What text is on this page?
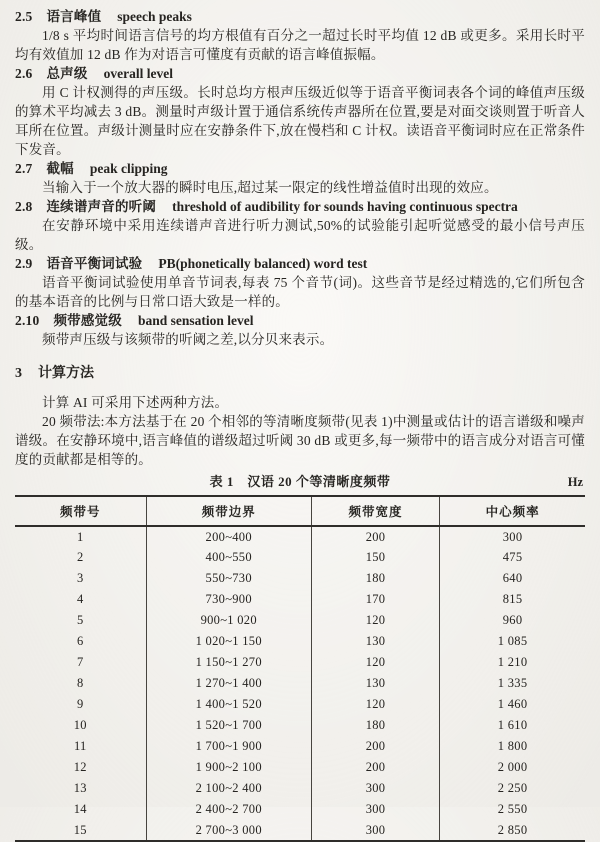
2.5 语言峰值 speech peaks

1/8 s 平均时间语言信号的均方根值有百分之一超过长时平均值 12 dB 或更多。采用长时平均有效值加 12 dB 作为对语言可懂度有贡献的语言峰值振幅。

2.6 总声级 overall level

用 C 计权测得的声压级。长时总均方根声压级近似等于语音平衡词表各个词的峰值声压级的算术平均减去 3 dB。测量时声级计置于通信系统传声器所在位置,要是对面交谈则置于听音人耳所在位置。声级计测量时应在安静条件下,放在慢档和 C 计权。读语音平衡词时应在正常条件下发音。

2.7 截幅 peak clipping

当输入于一个放大器的瞬时电压,超过某一限定的线性增益值时出现的效应。

2.8 连续谱声音的听阈 threshold of audibility for sounds having continuous spectra

在安静环境中采用连续谱声音进行听力测试,50%的试验能引起听觉感受的最小信号声压级。

2.9 语音平衡词试验 PB(phonetically balanced) word test

语音平衡词试验使用单音节词表,每表 75 个音节(词)。这些音节是经过精选的,它们所包含的基本语音的比例与日常口语大致是一样的。

2.10 频带感觉级 band sensation level

频带声压级与该频带的听阈之差,以分贝来表示。

3 计算方法

计算 AI 可采用下述两种方法。

20 频带法:本方法基于在 20 个相邻的等清晰度频带(见表 1)中测量或估计的语言谱级和噪声谱级。在安静环境中,语言峰值的谱级超过听阈 30 dB 或更多,每一频带中的语言成分对语言可懂度的贡献都是相等的。

表 1　汉语 20 个等清晰度频带	Hz
频带号	频带边界	频带宽度	中心频率
1	200~400	200	300
2	400~550	150	475
3	550~730	180	640
4	730~900	170	815
5	900~1 020	120	960
6	1 020~1 150	130	1 085
7	1 150~1 270	120	1 210
8	1 270~1 400	130	1 335
9	1 400~1 520	120	1 460
10	1 520~1 700	180	1 610
11	1 700~1 900	200	1 800
12	1 900~2 100	200	2 000
13	2 100~2 400	300	2 250
14	2 400~2 700	300	2 550
15	2 700~3 000	300	2 850
